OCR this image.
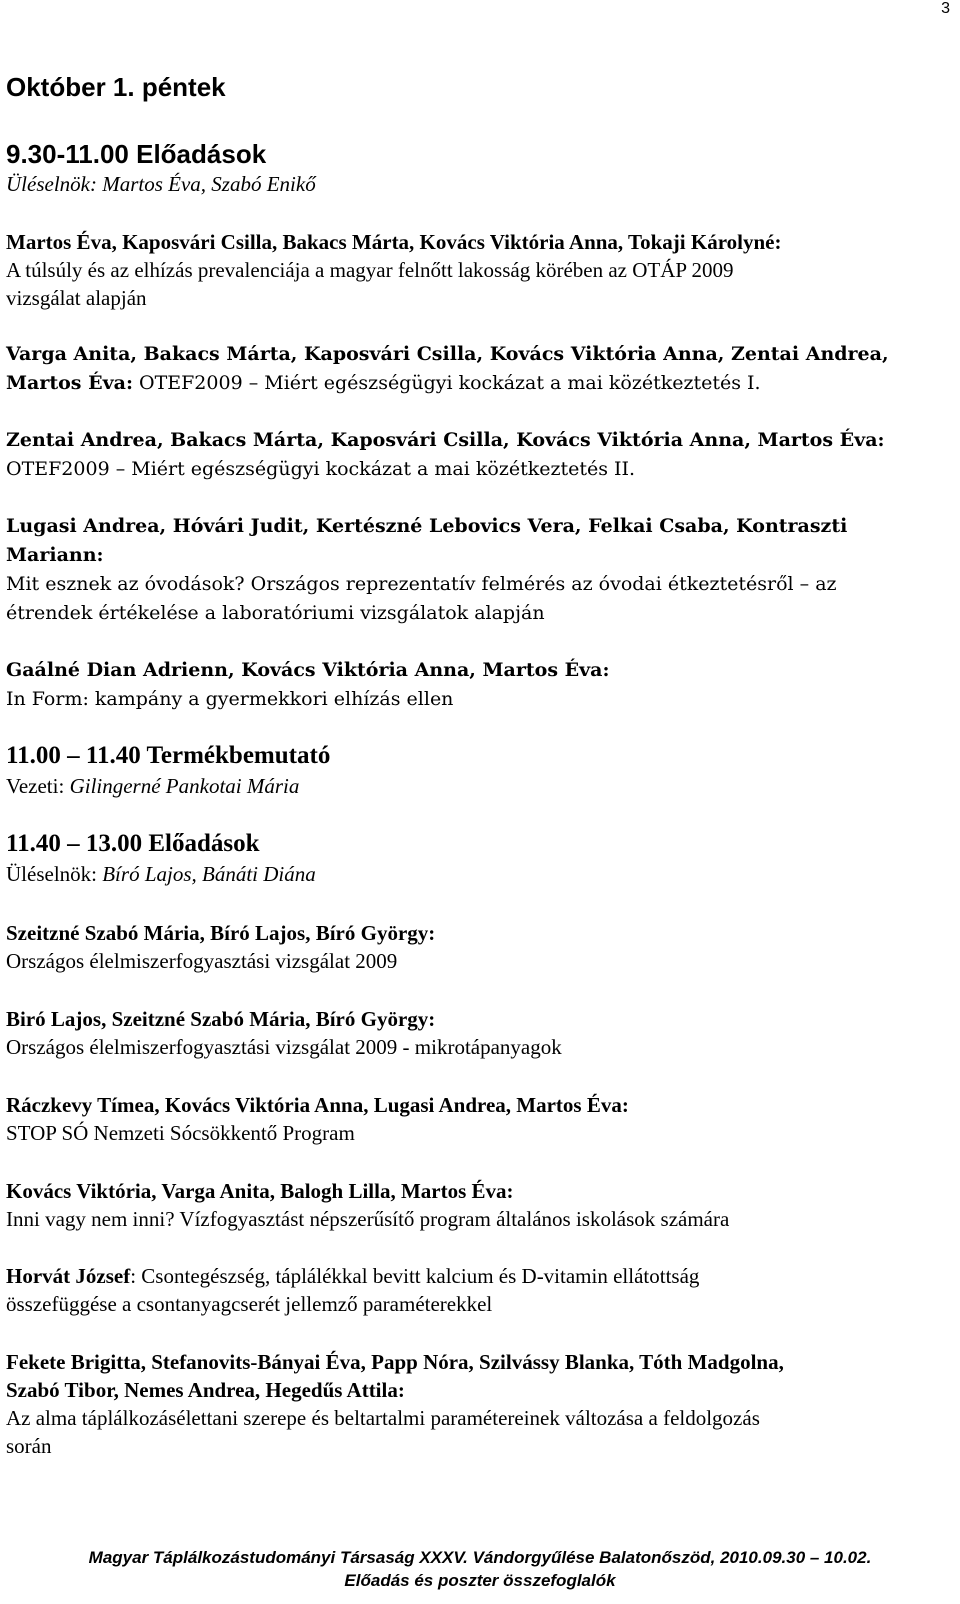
3
Október 1. péntek
9.30-11.00 Előadások
Üléselnök: Martos Éva, Szabó Enikő
Martos Éva, Kaposvári Csilla, Bakacs Márta, Kovács Viktória Anna, Tokaji Károlyné:
A túlsúly és az elhízás prevalenciája a magyar felnőtt lakosság körében az OTÁP 2009
vizsgálat alapján
Varga Anita, Bakacs Márta, Kaposvári Csilla, Kovács Viktória Anna, Zentai Andrea,
Martos Éva: OTEF2009 – Miért egészségügyi kockázat a mai közétkeztetés I.
Zentai Andrea, Bakacs Márta, Kaposvári Csilla, Kovács Viktória Anna, Martos Éva:
OTEF2009 – Miért egészségügyi kockázat a mai közétkeztetés II.
Lugasi Andrea, Hóvári Judit, Kertészné Lebovics Vera, Felkai Csaba, Kontraszti
Mariann:
Mit esznek az óvodások? Országos reprezentatív felmérés az óvodai étkeztetésről – az
étrendek értékelése a laboratóriumi vizsgálatok alapján
Gaálné Dian Adrienn, Kovács Viktória Anna, Martos Éva:
In Form: kampány a gyermekkori elhízás ellen
11.00 – 11.40 Termékbemutató
Vezeti: Gilingerné Pankotai Mária
11.40 – 13.00 Előadások
Üléselnök: Bíró Lajos, Bánáti Diána
Szeitzné Szabó Mária, Bíró Lajos, Bíró György:
Országos élelmiszerfogyasztási vizsgálat 2009
Biró Lajos, Szeitzné Szabó Mária, Bíró György:
Országos élelmiszerfogyasztási vizsgálat 2009 - mikrotápanyagok
Ráczkevy Tímea, Kovács Viktória Anna, Lugasi Andrea, Martos Éva:
STOP SÓ Nemzeti Sócsökkentő Program
Kovács Viktória, Varga Anita, Balogh Lilla, Martos Éva:
Inni vagy nem inni? Vízfogyasztást népszerűsítő program általános iskolások számára
Horvát József: Csontegészség, táplálékkal bevitt kalcium és D-vitamin ellátottság
összefüggése a csontanyagcserét jellemző paraméterekkel
Fekete Brigitta, Stefanovits-Bányai Éva, Papp Nóra, Szilvássy Blanka, Tóth Madgolna,
Szabó Tibor, Nemes Andrea, Hegedűs Attila:
Az alma táplálkozásélettani szerepe és beltartalmi paramétereinek változása a feldolgozás
során
Magyar Táplálkozástudományi Társaság XXXV. Vándorgyűlése Balatonőszöd, 2010.09.30 – 10.02.
Előadás és poszter összefoglalók
